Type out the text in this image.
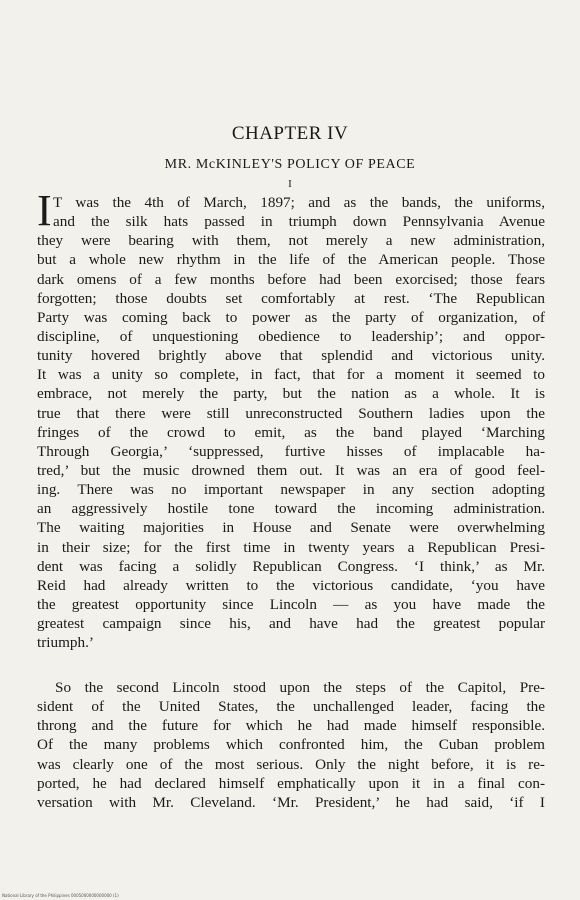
CHAPTER IV
MR. McKINLEY'S POLICY OF PEACE
I
I T was the 4th of March, 1897; and as the bands, the uniforms,
and the silk hats passed in triumph down Pennsylvania Avenue
they were bearing with them, not merely a new administration,
but a whole new rhythm in the life of the American people. Those
dark omens of a few months before had been exorcised; those fears
forgotten; those doubts set comfortably at rest. ‘The Republican
Party was coming back to power as the party of organization, of
discipline, of unquestioning obedience to leadership’; and oppor-
tunity hovered brightly above that splendid and victorious unity.
It was a unity so complete, in fact, that for a moment it seemed to
embrace, not merely the party, but the nation as a whole. It is
true that there were still unreconstructed Southern ladies upon the
fringes of the crowd to emit, as the band played ‘Marching
Through Georgia,’ ‘suppressed, furtive hisses of implacable ha-
tred,’ but the music drowned them out. It was an era of good feel-
ing. There was no important newspaper in any section adopting
an aggressively hostile tone toward the incoming administration.
The waiting majorities in House and Senate were overwhelming
in their size; for the first time in twenty years a Republican Presi-
dent was facing a solidly Republican Congress. ‘I think,’ as Mr.
Reid had already written to the victorious candidate, ‘you have
the greatest opportunity since Lincoln — as you have made the
greatest campaign since his, and have had the greatest popular
triumph.’
So the second Lincoln stood upon the steps of the Capitol, Pre-
sident of the United States, the unchallenged leader, facing the
throng and the future for which he had made himself responsible.
Of the many problems which confronted him, the Cuban problem
was clearly one of the most serious. Only the night before, it is re-
ported, he had declared himself emphatically upon it in a final con-
versation with Mr. Cleveland. ‘Mr. President,’ he had said, ‘if I
National Library of the Philippines 0005000000000000 (1)
